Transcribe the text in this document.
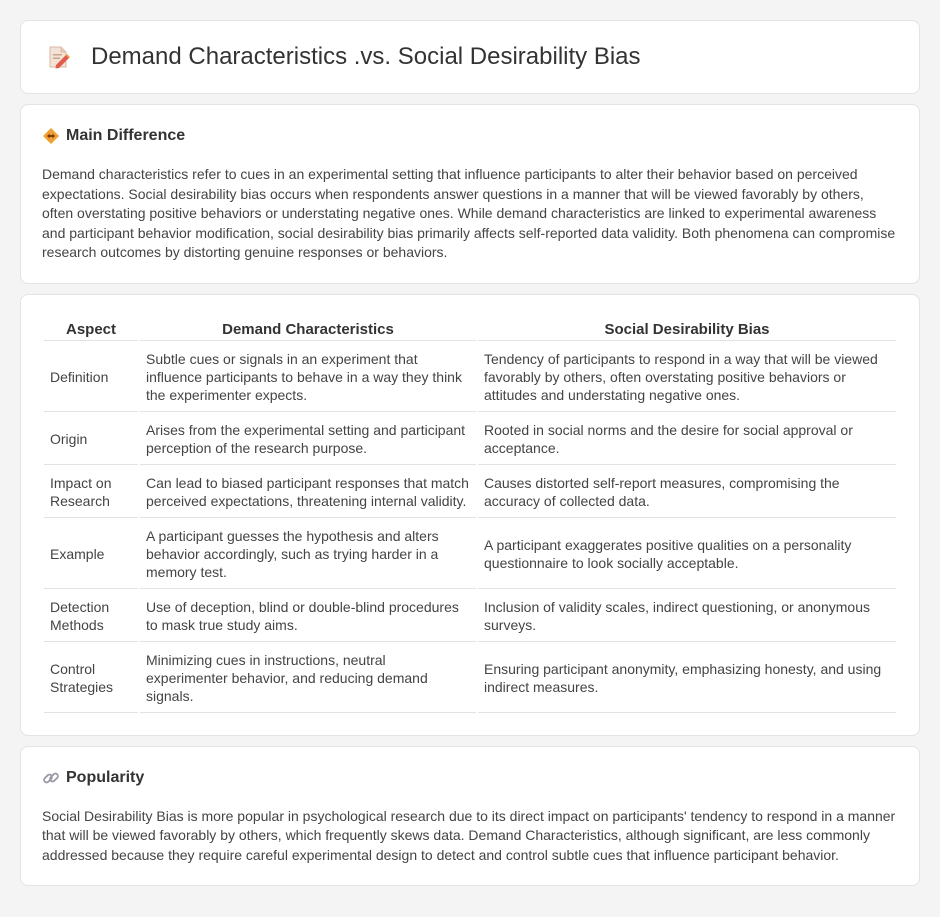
Demand Characteristics .vs. Social Desirability Bias
Main Difference

Demand characteristics refer to cues in an experimental setting that influence participants to alter their behavior based on perceived expectations. Social desirability bias occurs when respondents answer questions in a manner that will be viewed favorably by others, often overstating positive behaviors or understating negative ones. While demand characteristics are linked to experimental awareness and participant behavior modification, social desirability bias primarily affects self-reported data validity. Both phenomena can compromise research outcomes by distorting genuine responses or behaviors.

Aspect	Demand Characteristics	Social Desirability Bias
Definition	Subtle cues or signals in an experiment that influence participants to behave in a way they think the experimenter expects.	Tendency of participants to respond in a way that will be viewed favorably by others, often overstating positive behaviors or attitudes and understating negative ones.
Origin	Arises from the experimental setting and participant perception of the research purpose.	Rooted in social norms and the desire for social approval or acceptance.
Impact on Research	Can lead to biased participant responses that match perceived expectations, threatening internal validity.	Causes distorted self-report measures, compromising the accuracy of collected data.
Example	A participant guesses the hypothesis and alters behavior accordingly, such as trying harder in a memory test.	A participant exaggerates positive qualities on a personality questionnaire to look socially acceptable.
Detection Methods	Use of deception, blind or double-blind procedures to mask true study aims.	Inclusion of validity scales, indirect questioning, or anonymous surveys.
Control Strategies	Minimizing cues in instructions, neutral experimenter behavior, and reducing demand signals.	Ensuring participant anonymity, emphasizing honesty, and using indirect measures.
Popularity

Social Desirability Bias is more popular in psychological research due to its direct impact on participants' tendency to respond in a manner that will be viewed favorably by others, which frequently skews data. Demand Characteristics, although significant, are less commonly addressed because they require careful experimental design to detect and control subtle cues that influence participant behavior.
